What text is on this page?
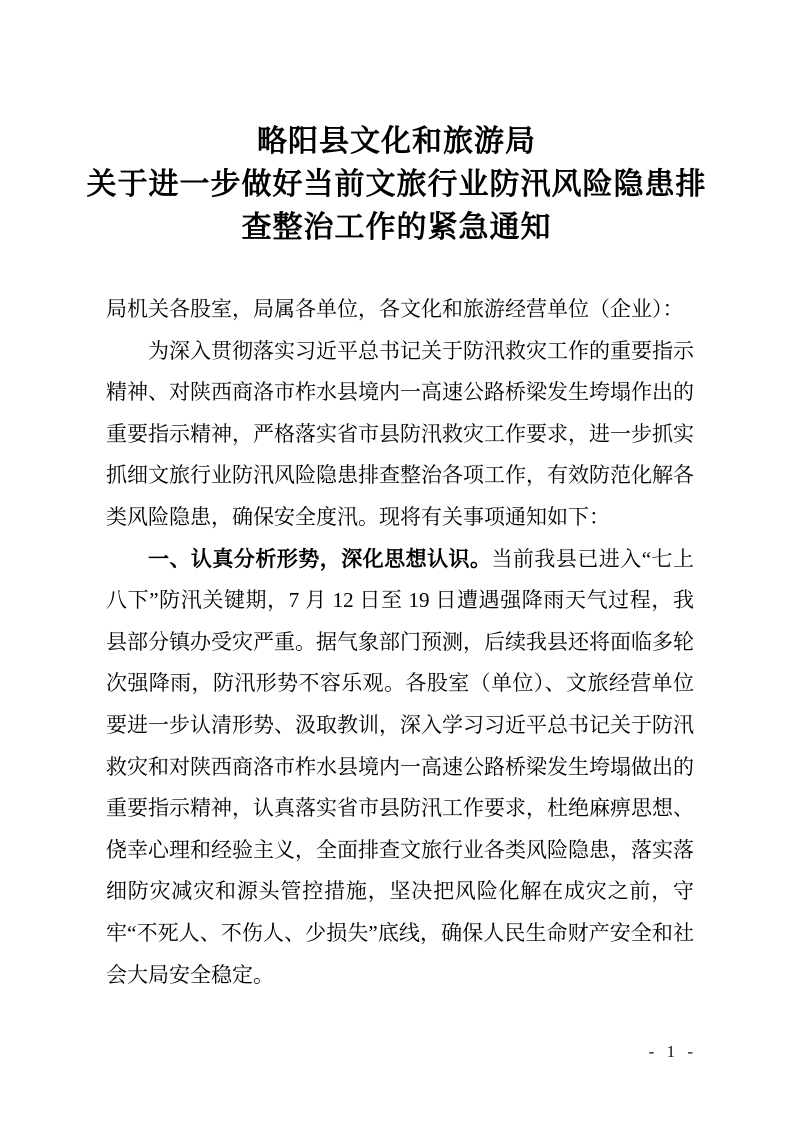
略阳县文化和旅游局
关于进一步做好当前文旅行业防汛风险隐患排
查整治工作的紧急通知

局机关各股室，局属各单位，各文化和旅游经营单位（企业）：

为深入贯彻落实习近平总书记关于防汛救灾工作的重要指示精神、对陕西商洛市柞水县境内一高速公路桥梁发生垮塌作出的重要指示精神，严格落实省市县防汛救灾工作要求，进一步抓实抓细文旅行业防汛风险隐患排查整治各项工作，有效防范化解各类风险隐患，确保安全度汛。现将有关事项通知如下：

一、认真分析形势，深化思想认识。当前我县已进入“七上八下”防汛关键期，7 月 12 日至 19 日遭遇强降雨天气过程，我县部分镇办受灾严重。据气象部门预测，后续我县还将面临多轮次强降雨，防汛形势不容乐观。各股室（单位）、文旅经营单位要进一步认清形势、汲取教训，深入学习习近平总书记关于防汛救灾和对陕西商洛市柞水县境内一高速公路桥梁发生垮塌做出的重要指示精神，认真落实省市县防汛工作要求，杜绝麻痹思想、侥幸心理和经验主义，全面排查文旅行业各类风险隐患，落实落细防灾减灾和源头管控措施，坚决把风险化解在成灾之前，守牢“不死人、不伤人、少损失”底线，确保人民生命财产安全和社会大局安全稳定。

- 1 -
